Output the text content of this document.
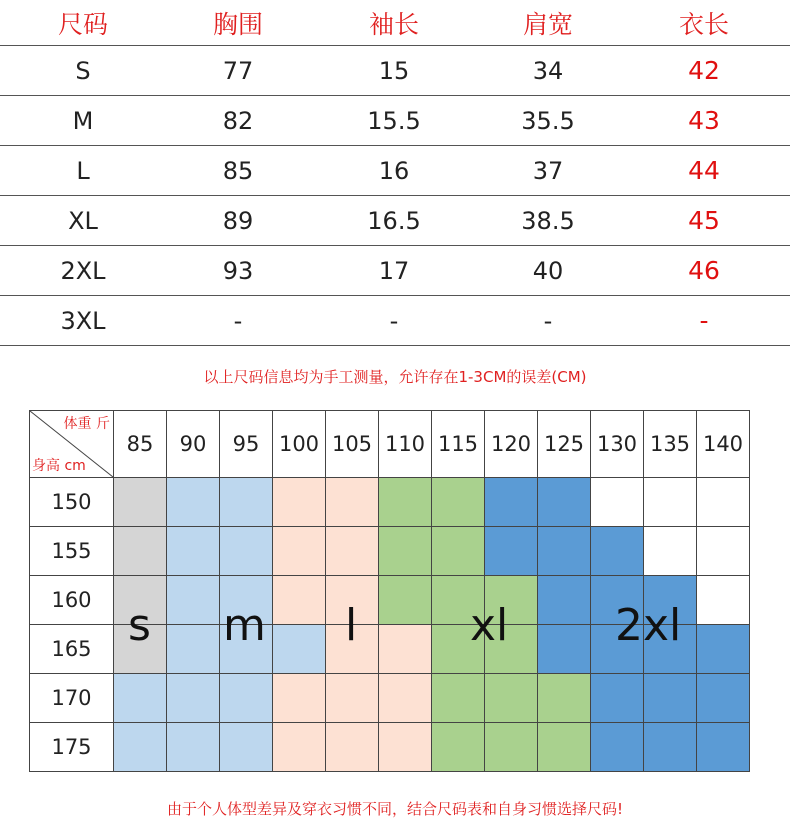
尺码	胸围	袖长	肩宽	衣长
S	77	15	34	42
M	82	15.5	35.5	43
L	85	16	37	44
XL	89	16.5	38.5	45
2XL	93	17	40	46
3XL	-	-	-	-
以上尺码信息均为手工测量，允许存在1-3CM的误差(CM)
体重 斤
身高 cm	85	90	95	100	105	110	115	120	125	130	135	140
150												
155												
160												
165												
170												
175												
s m l	xl 2xl
由于个人体型差异及穿衣习惯不同，结合尺码表和自身习惯选择尺码!
